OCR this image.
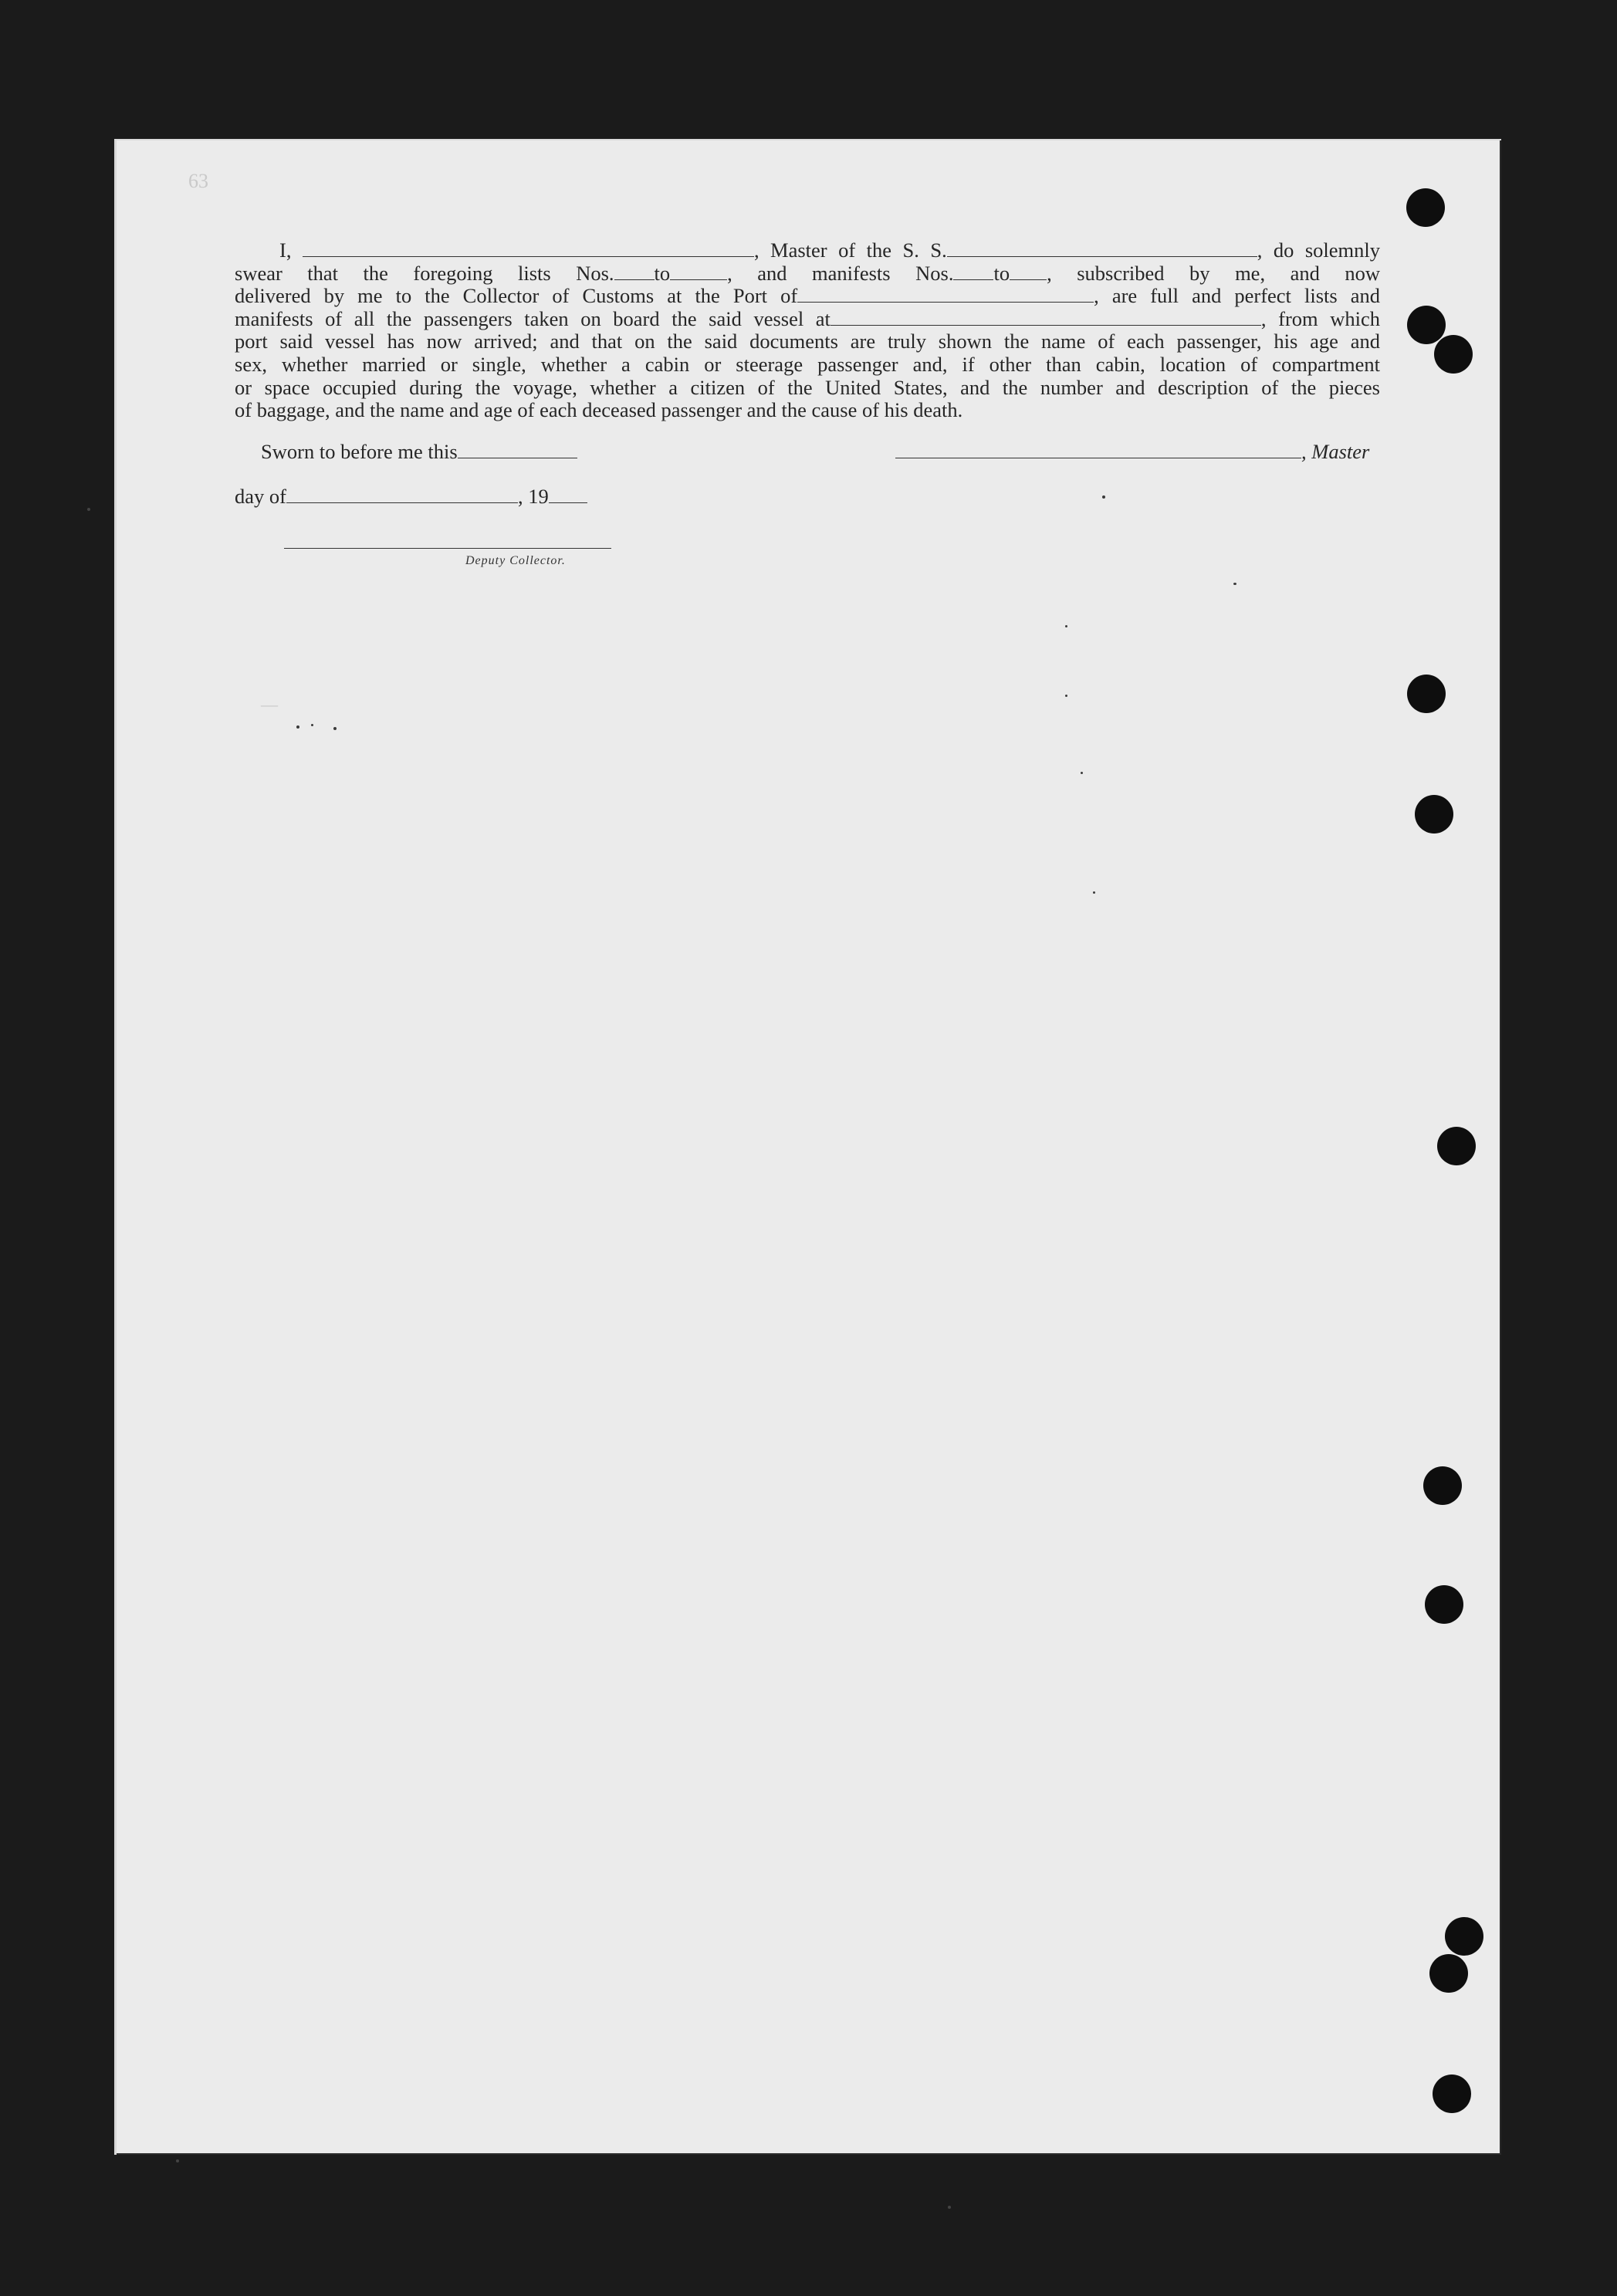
63
—
I,	, Master of the S. S.	, do solemnly
swear that the foregoing lists Nos. to	, and manifests Nos. to , subscribed by me, and now
delivered by me to the Collector of Customs at the Port of	, are full and perfect lists and
manifests of all the passengers taken on board the said vessel at	, from which
port said vessel has now arrived; and that on the said documents are truly shown the name of each passenger, his age and
sex, whether married or single, whether a cabin or steerage passenger and, if other than cabin, location of compartment
or space occupied during the voyage, whether a citizen of the United States, and the number and description of the pieces
of baggage, and the name and age of each deceased passenger and the cause of his death.
Sworn to before me this	, Master
day of	, 19
Deputy Collector.
